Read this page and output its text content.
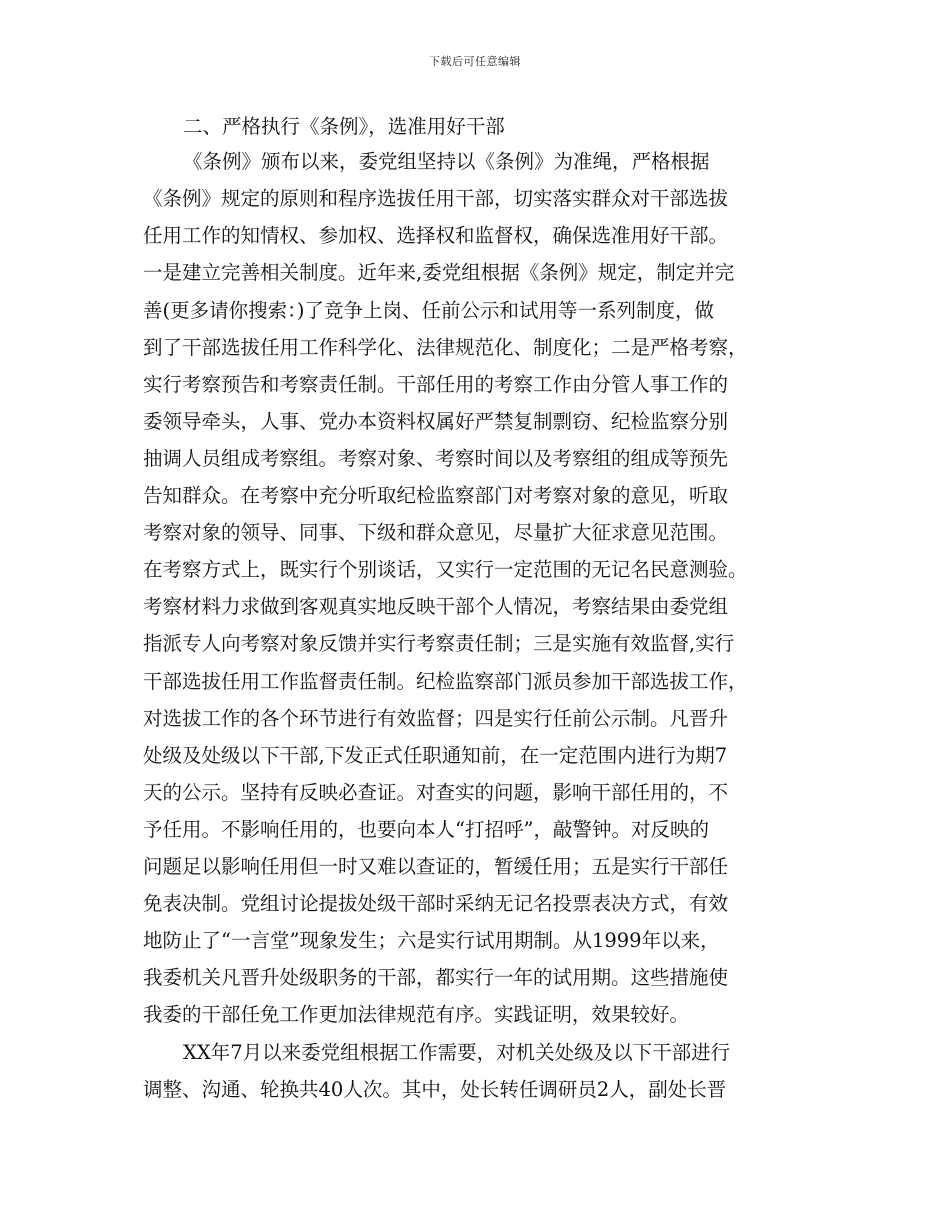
下载后可任意编辑
二、严格执行《条例》，选准用好干部
《条例》颁布以来，委党组坚持以《条例》为准绳，严格根据
《条例》规定的原则和程序选拔任用干部，切实落实群众对干部选拔
任用工作的知情权、参加权、选择权和监督权，确保选准用好干部。
一是建立完善相关制度。近年来,委党组根据《条例》规定，制定并完
善(更多请你搜索：)了竞争上岗、任前公示和试用等一系列制度，做
到了干部选拔任用工作科学化、法律规范化、制度化；二是严格考察，
实行考察预告和考察责任制。干部任用的考察工作由分管人事工作的
委领导牵头，人事、党办本资料权属好严禁复制剽窃、纪检监察分别
抽调人员组成考察组。考察对象、考察时间以及考察组的组成等预先
告知群众。在考察中充分听取纪检监察部门对考察对象的意见，听取
考察对象的领导、同事、下级和群众意见，尽量扩大征求意见范围。
在考察方式上，既实行个别谈话，又实行一定范围的无记名民意测验。
考察材料力求做到客观真实地反映干部个人情况，考察结果由委党组
指派专人向考察对象反馈并实行考察责任制；三是实施有效监督,实行
干部选拔任用工作监督责任制。纪检监察部门派员参加干部选拔工作，
对选拔工作的各个环节进行有效监督；四是实行任前公示制。凡晋升
处级及处级以下干部,下发正式任职通知前，在一定范围内进行为期7
天的公示。坚持有反映必查证。对查实的问题，影响干部任用的，不
予任用。不影响任用的，也要向本人“打招呼”，敲警钟。对反映的
问题足以影响任用但一时又难以查证的，暂缓任用；五是实行干部任
免表决制。党组讨论提拔处级干部时采纳无记名投票表决方式，有效
地防止了“一言堂”现象发生；六是实行试用期制。从1999年以来，
我委机关凡晋升处级职务的干部，都实行一年的试用期。这些措施使
我委的干部任免工作更加法律规范有序。实践证明，效果较好。
XX年7月以来委党组根据工作需要，对机关处级及以下干部进行
调整、沟通、轮换共40人次。其中，处长转任调研员2人，副处长晋
